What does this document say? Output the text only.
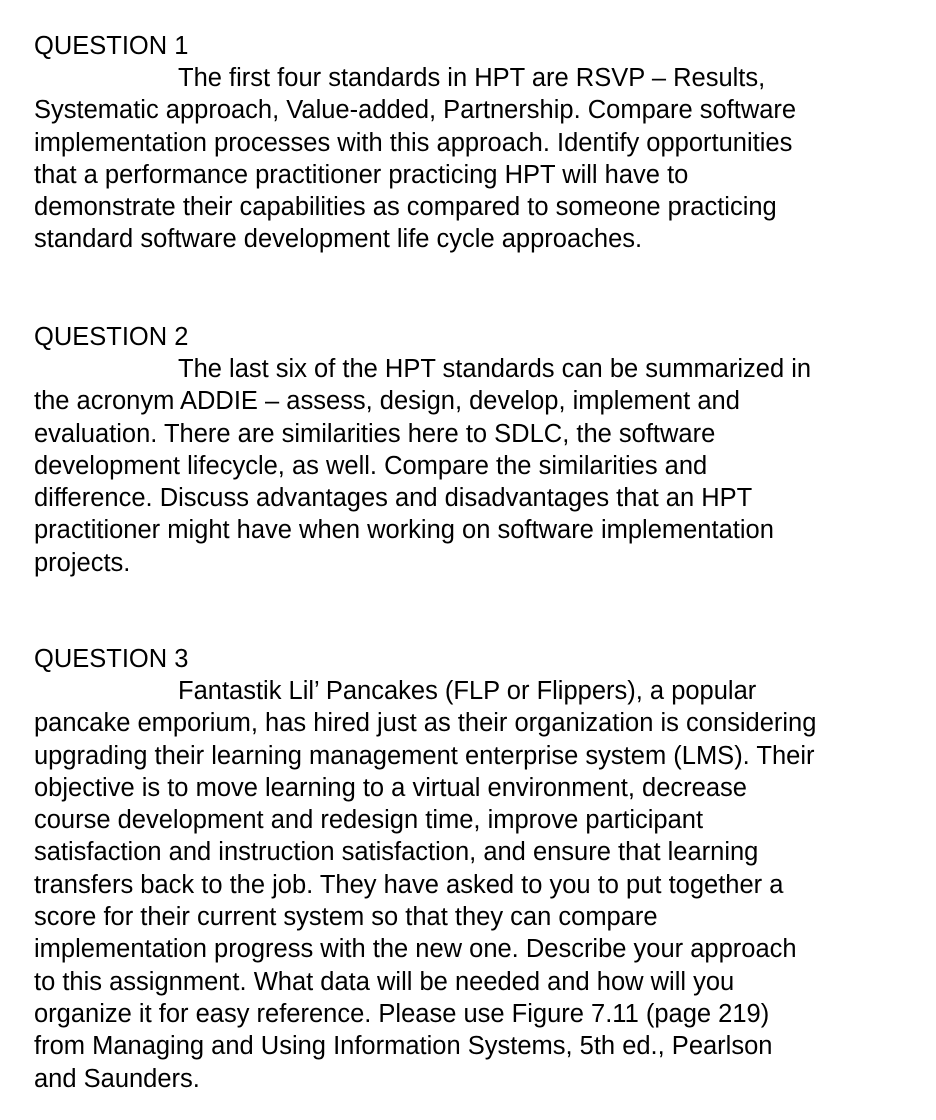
QUESTION 1

The first four standards in HPT are RSVP – Results,
Systematic approach, Value-added, Partnership. Compare software
implementation processes with this approach. Identify opportunities
that a performance practitioner practicing HPT will have to
demonstrate their capabilities as compared to someone practicing
standard software development life cycle approaches.

QUESTION 2

The last six of the HPT standards can be summarized in
the acronym ADDIE – assess, design, develop, implement and
evaluation. There are similarities here to SDLC, the software
development lifecycle, as well. Compare the similarities and
difference. Discuss advantages and disadvantages that an HPT
practitioner might have when working on software implementation
projects.

QUESTION 3

Fantastik Lil’ Pancakes (FLP or Flippers), a popular
pancake emporium, has hired just as their organization is considering
upgrading their learning management enterprise system (LMS). Their
objective is to move learning to a virtual environment, decrease
course development and redesign time, improve participant
satisfaction and instruction satisfaction, and ensure that learning
transfers back to the job. They have asked to you to put together a
score for their current system so that they can compare
implementation progress with the new one. Describe your approach
to this assignment. What data will be needed and how will you
organize it for easy reference. Please use Figure 7.11 (page 219)
from Managing and Using Information Systems, 5th ed., Pearlson
and Saunders.
